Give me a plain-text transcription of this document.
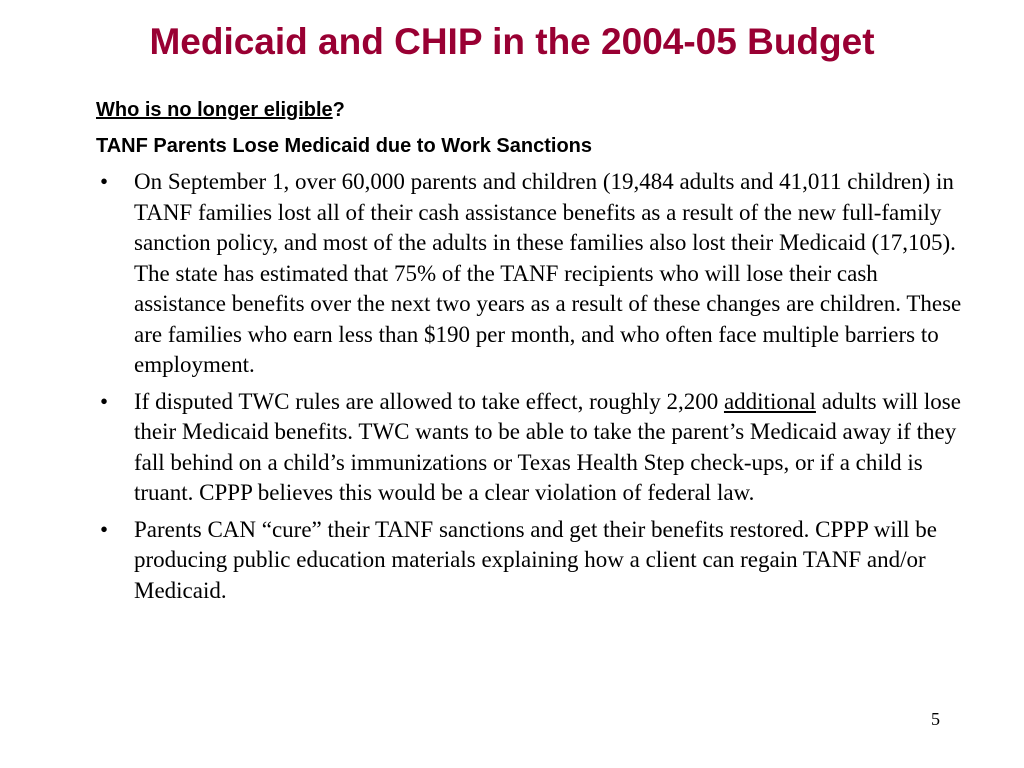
Medicaid and CHIP in the 2004-05 Budget

Who is no longer eligible?

TANF Parents Lose Medicaid due to Work Sanctions

• On September 1, over 60,000 parents and children (19,484 adults and 41,011 children) in TANF families lost all of their cash assistance benefits as a result of the new full-family sanction policy, and most of the adults in these families also lost their Medicaid (17,105). The state has estimated that 75% of the TANF recipients who will lose their cash assistance benefits over the next two years as a result of these changes are children. These are families who earn less than $190 per month, and who often face multiple barriers to employment.
• If disputed TWC rules are allowed to take effect, roughly 2,200 additional adults will lose their Medicaid benefits. TWC wants to be able to take the parent’s Medicaid away if they fall behind on a child’s immunizations or Texas Health Step check-ups, or if a child is truant. CPPP believes this would be a clear violation of federal law.
• Parents CAN “cure” their TANF sanctions and get their benefits restored. CPPP will be producing public education materials explaining how a client can regain TANF and/or Medicaid.
5
